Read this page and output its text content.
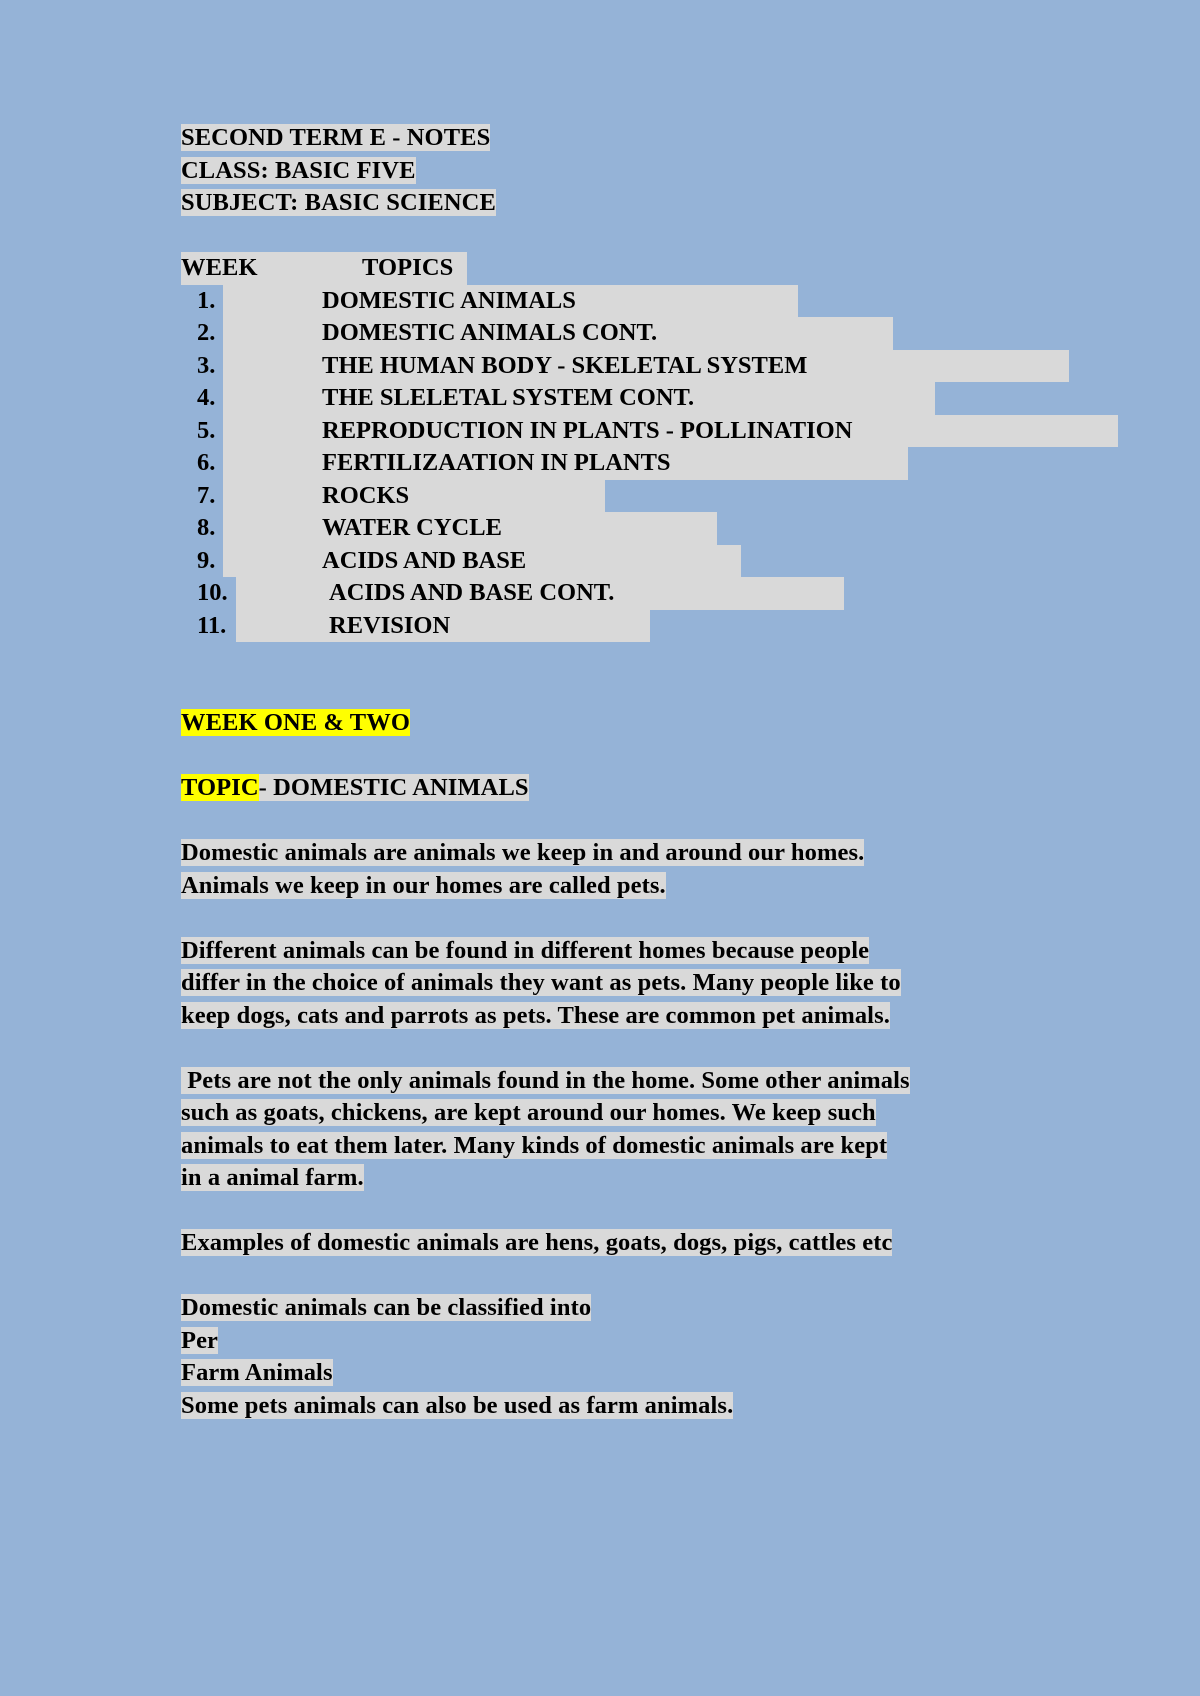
SECOND TERM E - NOTES
CLASS: BASIC FIVE
SUBJECT: BASIC SCIENCE
WEEK	TOPICS
1.	DOMESTIC ANIMALS
2.	DOMESTIC ANIMALS CONT.
3.	THE HUMAN BODY - SKELETAL SYSTEM
4.	THE SLELETAL SYSTEM CONT.
5.	REPRODUCTION IN PLANTS - POLLINATION
6.	FERTILIZAATION IN PLANTS
7.	ROCKS
8.	WATER CYCLE
9.	ACIDS AND BASE
10.	ACIDS AND BASE CONT.
11.	REVISION
WEEK ONE & TWO
TOPIC- DOMESTIC ANIMALS
Domestic animals are animals we keep in and around our homes.
Animals we keep in our homes are called pets.
Different animals can be found in different homes because people
differ in the choice of animals they want as pets. Many people like to
keep dogs, cats and parrots as pets. These are common pet animals.
Pets are not the only animals found in the home. Some other animals
such as goats, chickens, are kept around our homes. We keep such
animals to eat them later. Many kinds of domestic animals are kept
in a animal farm.
Examples of domestic animals are hens, goats, dogs, pigs, cattles etc
Domestic animals can be classified into
Per
Farm Animals
Some pets animals can also be used as farm animals.
